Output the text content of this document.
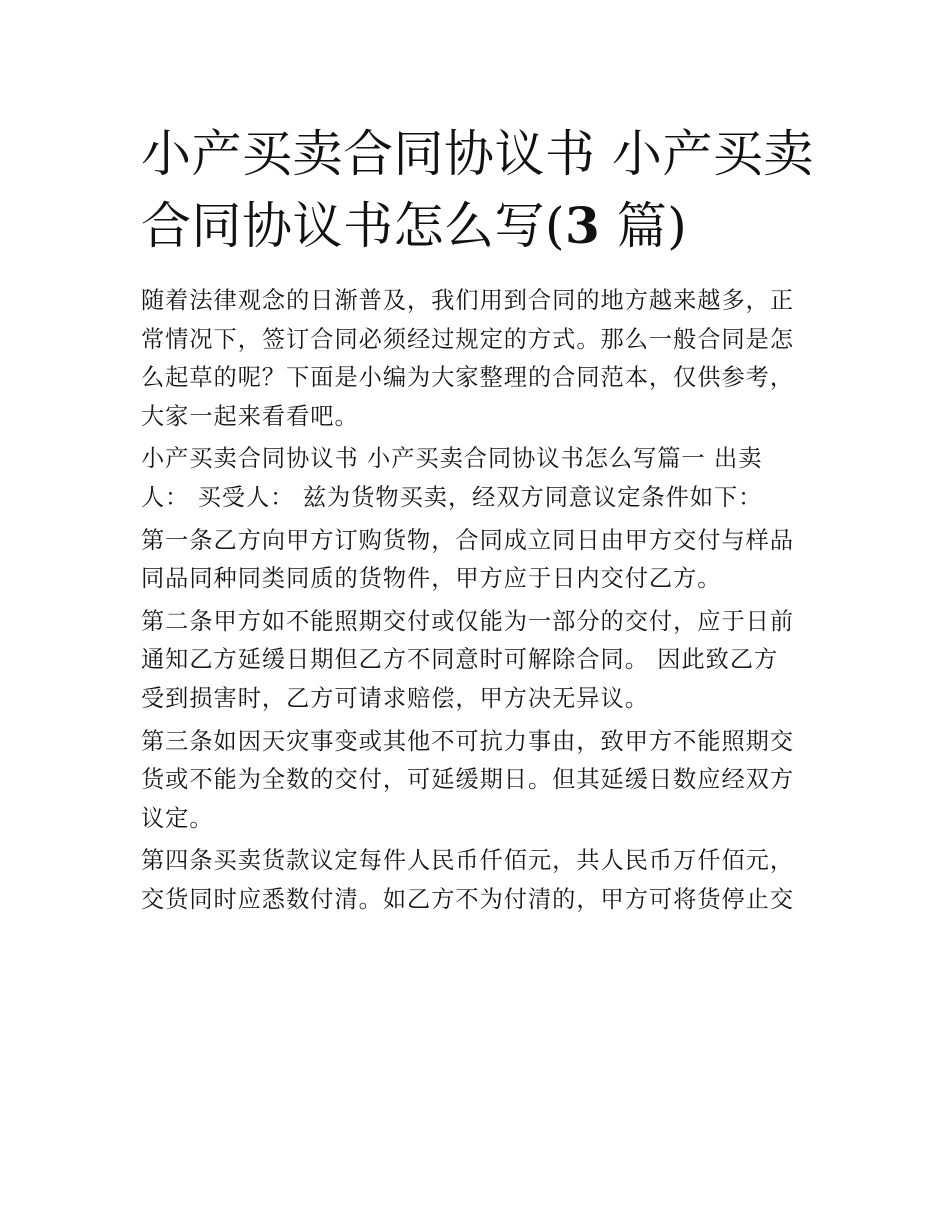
小产买卖合同协议书 小产买卖合同协议书怎么写(3 篇)

随着法律观念的日渐普及，我们用到合同的地方越来越多，正
常情况下，签订合同必须经过规定的方式。那么一般合同是怎
么起草的呢？下面是小编为大家整理的合同范本，仅供参考，
大家一起来看看吧。

小产买卖合同协议书 小产买卖合同协议书怎么写篇一 出卖
人： 买受人： 兹为货物买卖，经双方同意议定条件如下：

第一条乙方向甲方订购货物，合同成立同日由甲方交付与样品
同品同种同类同质的货物件，甲方应于日内交付乙方。

第二条甲方如不能照期交付或仅能为一部分的交付，应于日前
通知乙方延缓日期但乙方不同意时可解除合同。 因此致乙方
受到损害时，乙方可请求赔偿，甲方决无异议。

第三条如因天灾事变或其他不可抗力事由，致甲方不能照期交
货或不能为全数的交付，可延缓期日。但其延缓日数应经双方
议定。

第四条买卖货款议定每件人民币仟佰元，共人民币万仟佰元，
交货同时应悉数付清。如乙方不为付清的，甲方可将货停止交
